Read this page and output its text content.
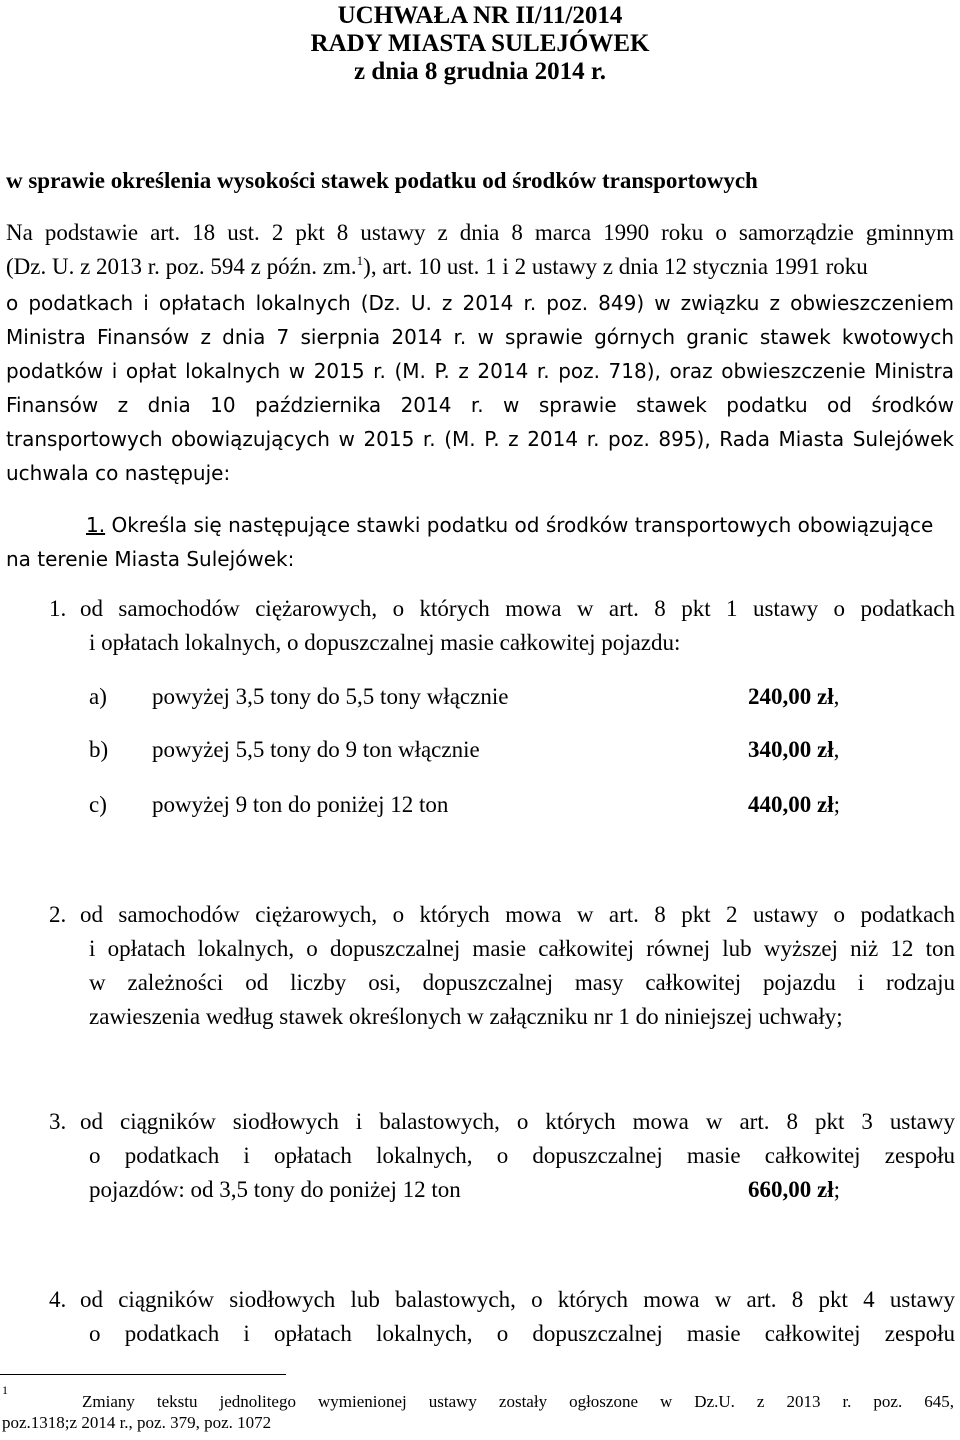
UCHWAŁA NR II/11/2014
RADY MIASTA SULEJÓWEK
z dnia 8 grudnia 2014 r.
w sprawie określenia wysokości stawek podatku od środków transportowych
Na podstawie art. 18 ust. 2 pkt 8 ustawy z dnia 8 marca 1990 roku o samorządzie gminnym
(Dz. U. z 2013 r. poz. 594 z późn. zm.$^1$), art. 10 ust. 1 i 2 ustawy z dnia 12 stycznia 1991 roku
o podatkach i opłatach lokalnych (Dz. U. z 2014 r. poz. 849) w związku z obwieszczeniem
Ministra Finansów z dnia 7 sierpnia 2014 r. w sprawie górnych granic stawek kwotowych
podatków i opłat lokalnych w 2015 r. (M. P. z 2014 r. poz. 718), oraz obwieszczenie Ministra
Finansów z dnia 10 października 2014 r. w sprawie stawek podatku od środków
transportowych obowiązujących w 2015 r. (M. P. z 2014 r. poz. 895), Rada Miasta Sulejówek
uchwala co następuje:
1. Określa się następujące stawki podatku od środków transportowych obowiązujące
na terenie Miasta Sulejówek:
1. od samochodów ciężarowych, o których mowa w art. 8 pkt 1 ustawy o podatkach
i opłatach lokalnych, o dopuszczalnej masie całkowitej pojazdu:
a) powyżej 3,5 tony do 5,5 tony włącznie	240,00 zł,
b) powyżej 5,5 tony do 9 ton włącznie	340,00 zł,
c) powyżej 9 ton do poniżej 12 ton	440,00 zł;
2. od samochodów ciężarowych, o których mowa w art. 8 pkt 2 ustawy o podatkach
i opłatach lokalnych, o dopuszczalnej masie całkowitej równej lub wyższej niż 12 ton
w zależności od liczby osi, dopuszczalnej masy całkowitej pojazdu i rodzaju
zawieszenia według stawek określonych w załączniku nr 1 do niniejszej uchwały;
3. od ciągników siodłowych i balastowych, o których mowa w art. 8 pkt 3 ustawy
o podatkach i opłatach lokalnych, o dopuszczalnej masie całkowitej zespołu
pojazdów: od 3,5 tony do poniżej 12 ton	660,00 zł;
4. od ciągników siodłowych lub balastowych, o których mowa w art. 8 pkt 4 ustawy
o podatkach i opłatach lokalnych, o dopuszczalnej masie całkowitej zespołu
1
Zmiany tekstu jednolitego wymienionej ustawy zostały ogłoszone w Dz.U. z 2013 r. poz. 645,
poz.1318;z 2014 r., poz. 379, poz. 1072
